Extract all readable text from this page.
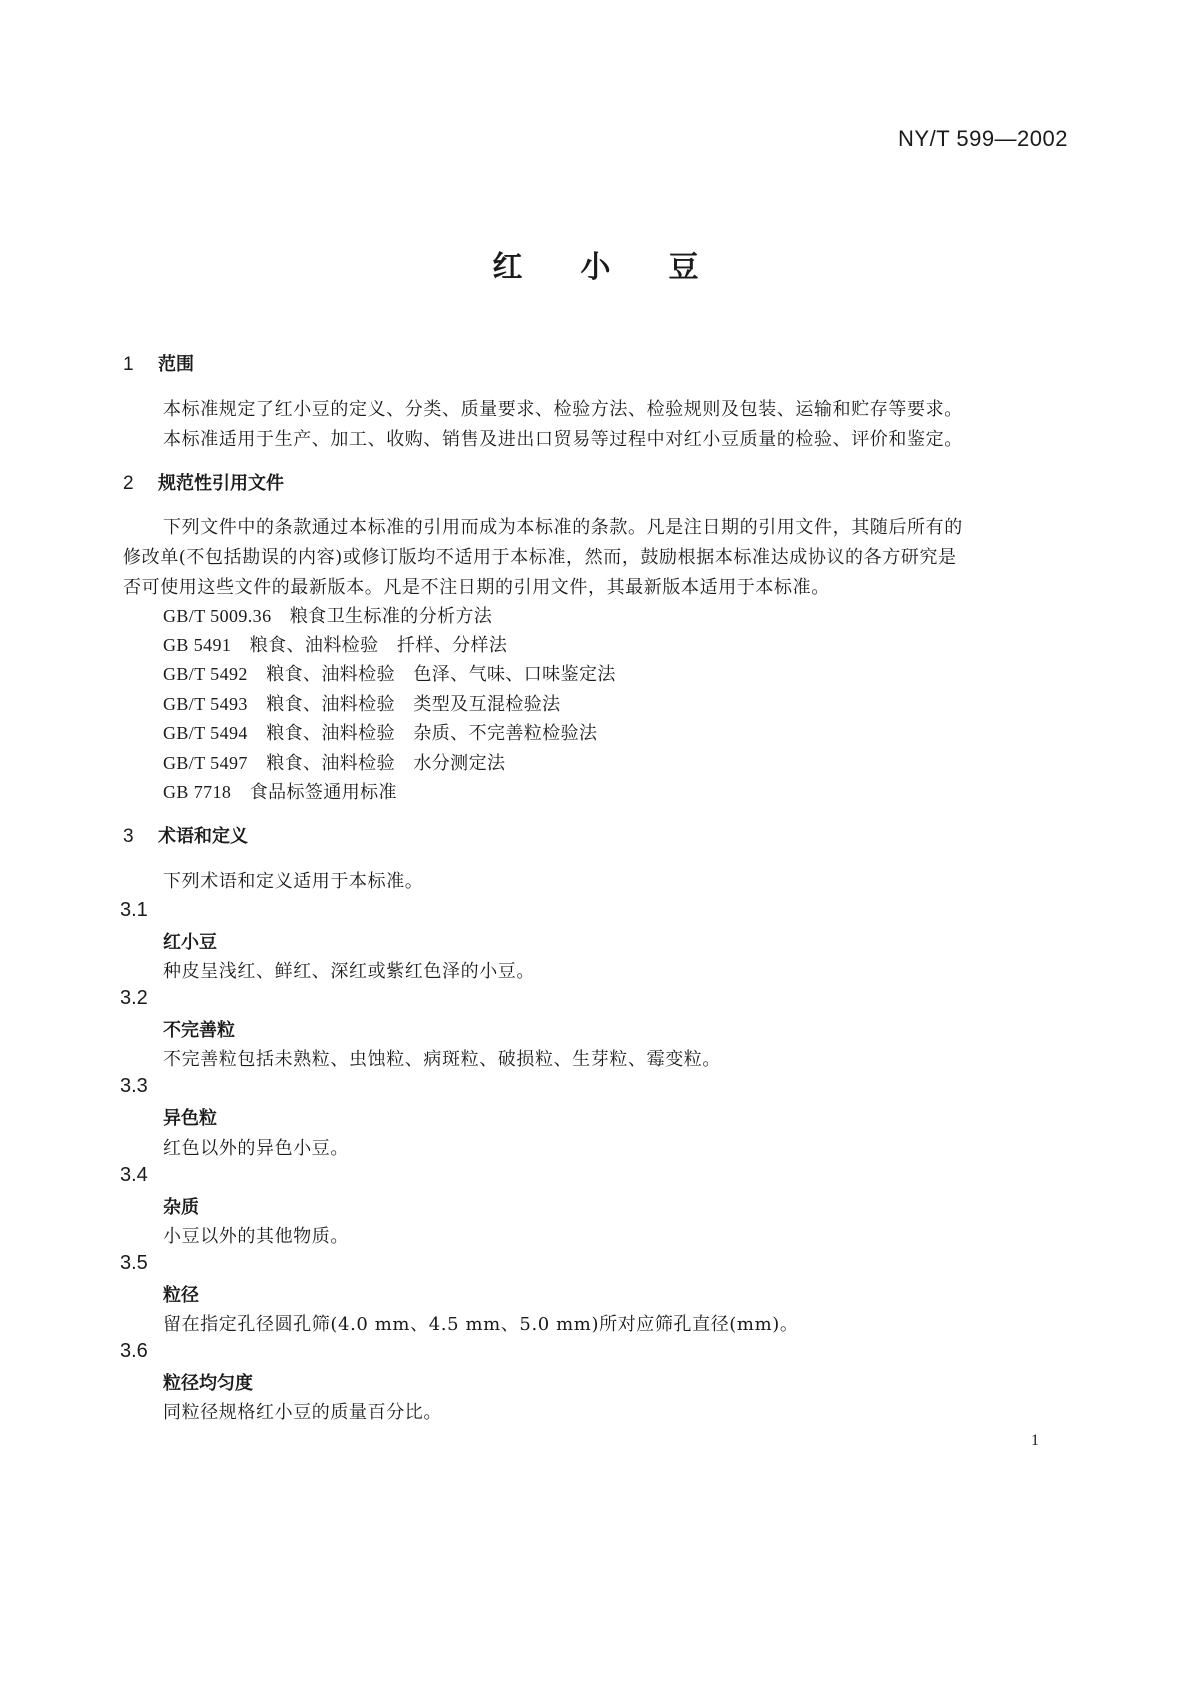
NY/T 599—2002
红小豆
1 范围
本标准规定了红小豆的定义、分类、质量要求、检验方法、检验规则及包装、运输和贮存等要求。
本标准适用于生产、加工、收购、销售及进出口贸易等过程中对红小豆质量的检验、评价和鉴定。
2 规范性引用文件
下列文件中的条款通过本标准的引用而成为本标准的条款。凡是注日期的引用文件，其随后所有的
修改单(不包括勘误的内容)或修订版均不适用于本标准，然而，鼓励根据本标准达成协议的各方研究是
否可使用这些文件的最新版本。凡是不注日期的引用文件，其最新版本适用于本标准。
GB/T 5009.36　 粮食卫生标准的分析方法
GB 5491　 粮食、油料检验　扦样、分样法
GB/T 5492　 粮食、油料检验　色泽、气味、口味鉴定法
GB/T 5493　 粮食、油料检验　类型及互混检验法
GB/T 5494　 粮食、油料检验　杂质、不完善粒检验法
GB/T 5497　 粮食、油料检验　水分测定法
GB 7718　 食品标签通用标准
3 术语和定义
下列术语和定义适用于本标准。
3.1
红小豆
种皮呈浅红、鲜红、深红或紫红色泽的小豆。
3.2
不完善粒
不完善粒包括未熟粒、虫蚀粒、病斑粒、破损粒、生芽粒、霉变粒。
3.3
异色粒
红色以外的异色小豆。
3.4
杂质
小豆以外的其他物质。
3.5
粒径
留在指定孔径圆孔筛(4.0 mm、4.5 mm、5.0 mm)所对应筛孔直径(mm)。
3.6
粒径均匀度
同粒径规格红小豆的质量百分比。
1
